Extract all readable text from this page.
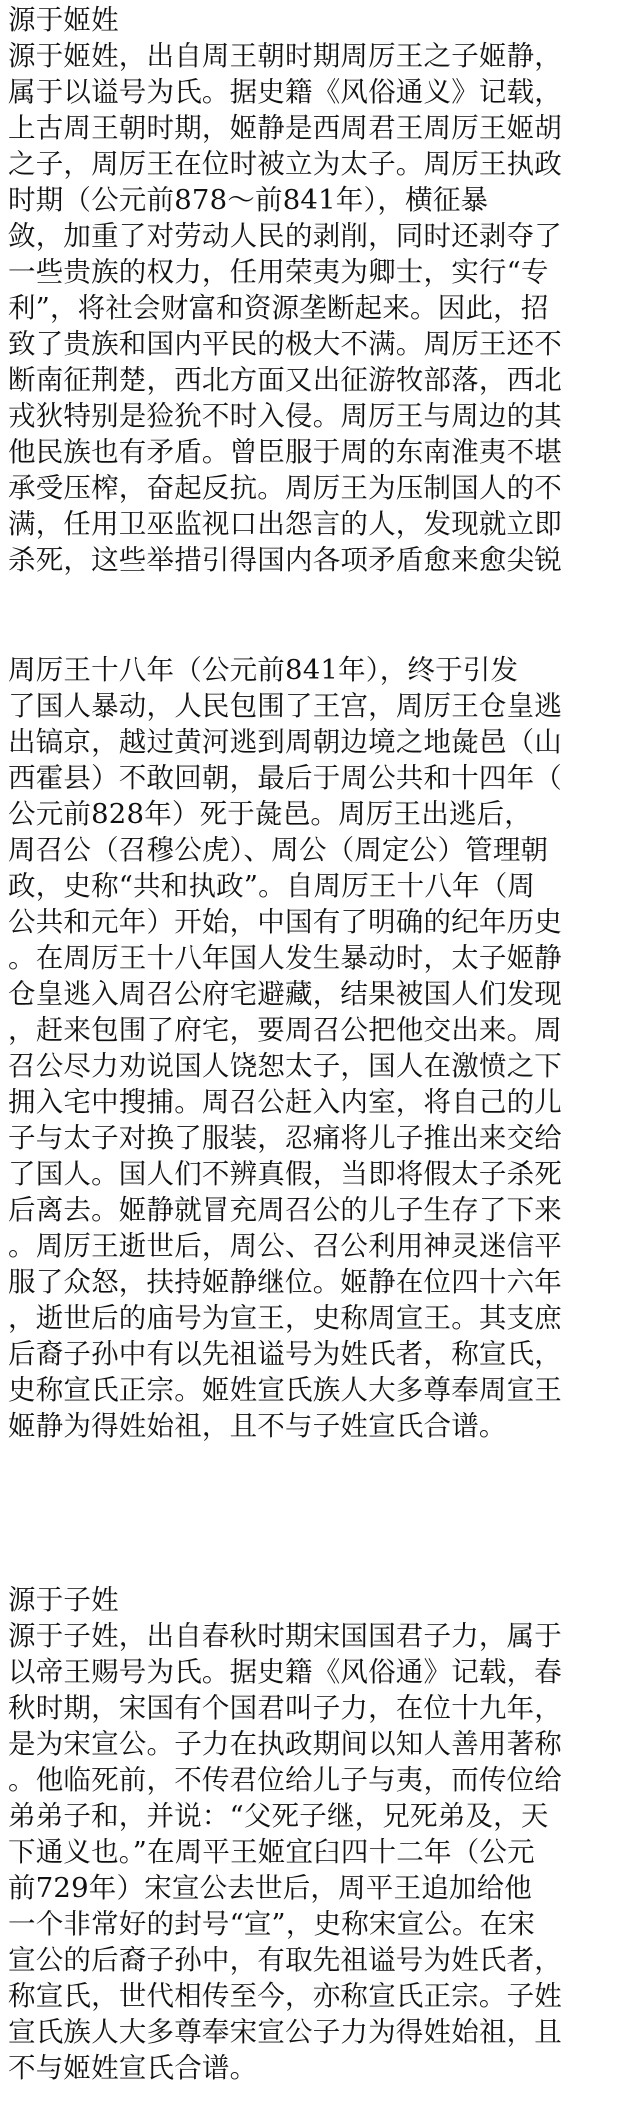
源于姬姓
源于姬姓，出自周王朝时期周厉王之子姬静，
属于以谥号为氏。据史籍《风俗通义》记载，
上古周王朝时期，姬静是西周君王周厉王姬胡
之子，周厉王在位时被立为太子。周厉王执政
时期（公元前878～前841年），横征暴
敛，加重了对劳动人民的剥削，同时还剥夺了
一些贵族的权力，任用荣夷为卿士，实行“专
利”，将社会财富和资源垄断起来。因此，招
致了贵族和国内平民的极大不满。周厉王还不
断南征荆楚，西北方面又出征游牧部落，西北
戎狄特别是猃狁不时入侵。周厉王与周边的其
他民族也有矛盾。曾臣服于周的东南淮夷不堪
承受压榨，奋起反抗。周厉王为压制国人的不
满，任用卫巫监视口出怨言的人，发现就立即
杀死，这些举措引得国内各项矛盾愈来愈尖锐
周厉王十八年（公元前841年），终于引发
了国人暴动，人民包围了王宫，周厉王仓皇逃
出镐京，越过黄河逃到周朝边境之地彘邑（山
西霍县）不敢回朝，最后于周公共和十四年（
公元前828年）死于彘邑。周厉王出逃后，
周召公（召穆公虎）、周公（周定公）管理朝
政，史称“共和执政”。自周厉王十八年（周
公共和元年）开始，中国有了明确的纪年历史
。在周厉王十八年国人发生暴动时，太子姬静
仓皇逃入周召公府宅避藏，结果被国人们发现
，赶来包围了府宅，要周召公把他交出来。周
召公尽力劝说国人饶恕太子，国人在激愤之下
拥入宅中搜捕。周召公赶入内室，将自己的儿
子与太子对换了服装，忍痛将儿子推出来交给
了国人。国人们不辨真假，当即将假太子杀死
后离去。姬静就冒充周召公的儿子生存了下来
。周厉王逝世后，周公、召公利用神灵迷信平
服了众怒，扶持姬静继位。姬静在位四十六年
，逝世后的庙号为宣王，史称周宣王。其支庶
后裔子孙中有以先祖谥号为姓氏者，称宣氏，
史称宣氏正宗。姬姓宣氏族人大多尊奉周宣王
姬静为得姓始祖，且不与子姓宣氏合谱。
源于子姓
源于子姓，出自春秋时期宋国国君子力，属于
以帝王赐号为氏。据史籍《风俗通》记载，春
秋时期，宋国有个国君叫子力，在位十九年，
是为宋宣公。子力在执政期间以知人善用著称
。他临死前，不传君位给儿子与夷，而传位给
弟弟子和，并说：“父死子继，兄死弟及，天
下通义也。”在周平王姬宜臼四十二年（公元
前729年）宋宣公去世后，周平王追加给他
一个非常好的封号“宣”，史称宋宣公。在宋
宣公的后裔子孙中，有取先祖谥号为姓氏者，
称宣氏，世代相传至今，亦称宣氏正宗。子姓
宣氏族人大多尊奉宋宣公子力为得姓始祖，且
不与姬姓宣氏合谱。
